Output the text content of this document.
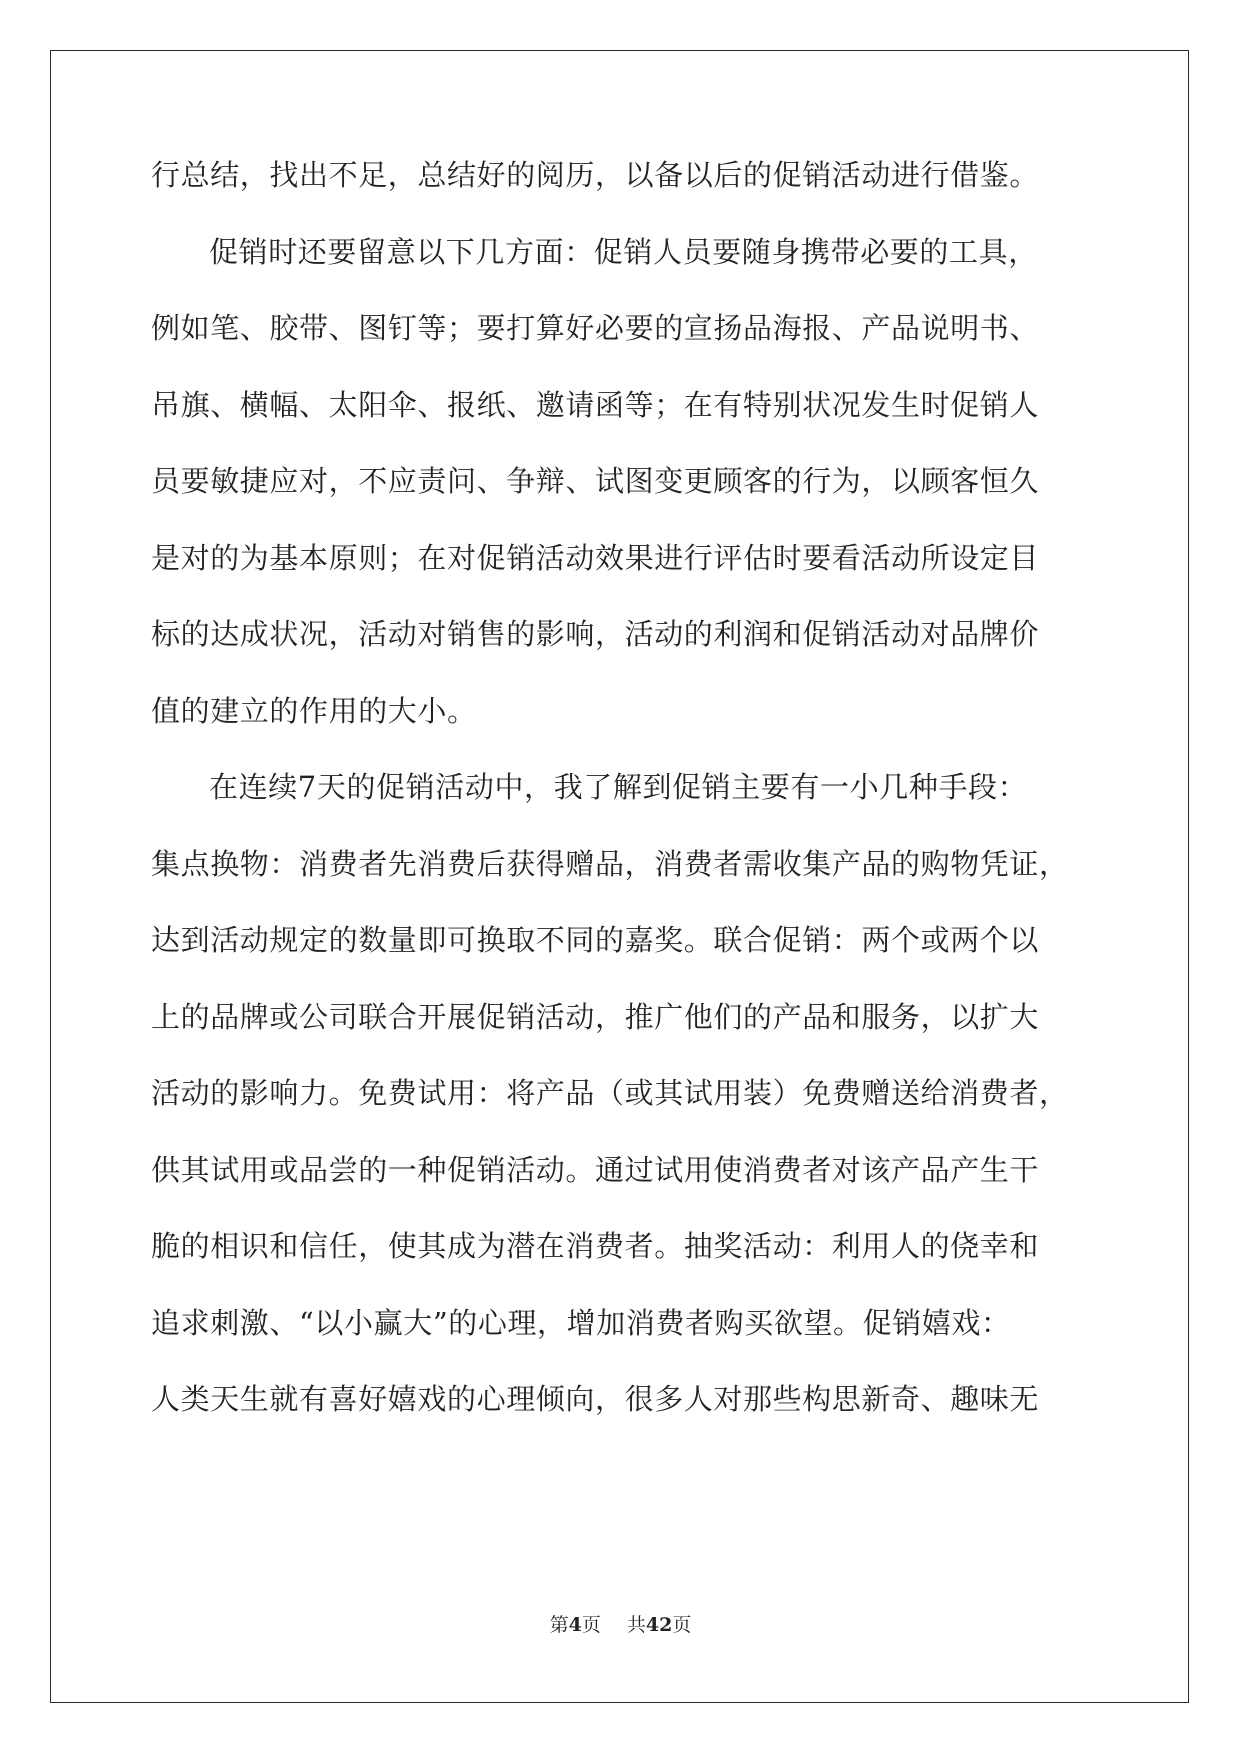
行总结，找出不足，总结好的阅历，以备以后的促销活动进行借鉴。
促销时还要留意以下几方面：促销人员要随身携带必要的工具，
例如笔、胶带、图钉等；要打算好必要的宣扬品海报、产品说明书、
吊旗、横幅、太阳伞、报纸、邀请函等；在有特别状况发生时促销人
员要敏捷应对，不应责问、争辩、试图变更顾客的行为，以顾客恒久
是对的为基本原则；在对促销活动效果进行评估时要看活动所设定目
标的达成状况，活动对销售的影响，活动的利润和促销活动对品牌价
值的建立的作用的大小。
在连续7天的促销活动中，我了解到促销主要有一小几种手段：
集点换物：消费者先消费后获得赠品，消费者需收集产品的购物凭证，
达到活动规定的数量即可换取不同的嘉奖。联合促销：两个或两个以
上的品牌或公司联合开展促销活动，推广他们的产品和服务，以扩大
活动的影响力。免费试用：将产品（或其试用装）免费赠送给消费者，
供其试用或品尝的一种促销活动。通过试用使消费者对该产品产生干
脆的相识和信任，使其成为潜在消费者。抽奖活动：利用人的侥幸和
追求刺激、“以小赢大”的心理，增加消费者购买欲望。促销嬉戏：
人类天生就有喜好嬉戏的心理倾向，很多人对那些构思新奇、趣味无
第4页 共42页
